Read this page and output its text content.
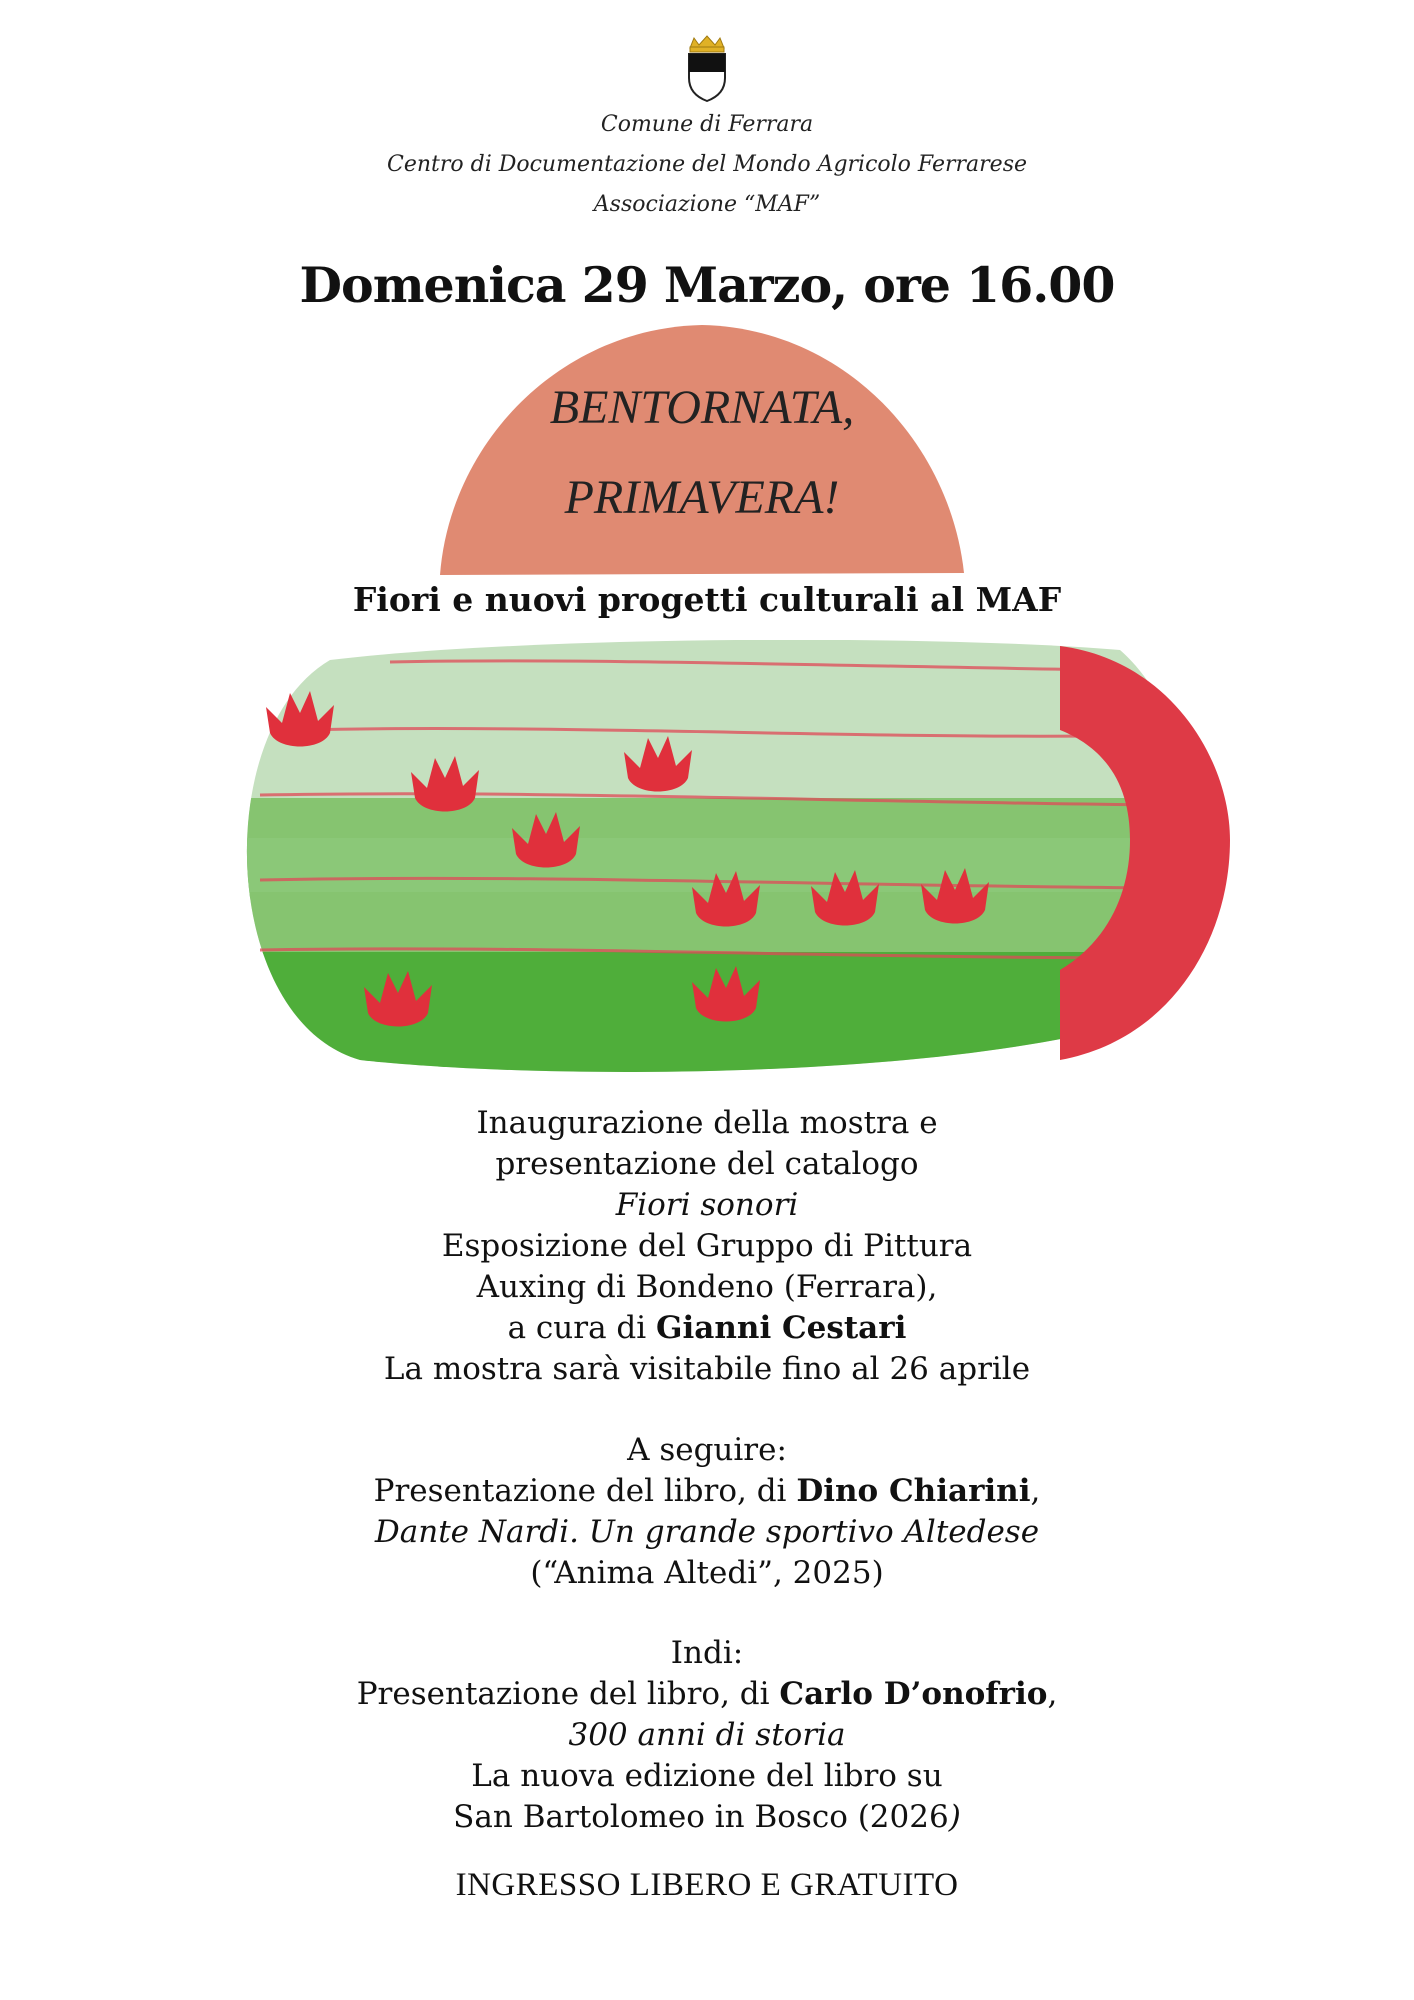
Comune di Ferrara
Centro di Documentazione del Mondo Agricolo Ferrarese
Associazione “MAF”
Domenica 29 Marzo, ore 16.00
BENTORNATA,
PRIMAVERA!
Fiori e nuovi progetti culturali al MAF
Inaugurazione della mostra e
presentazione del catalogo
Fiori sonori
Esposizione del Gruppo di Pittura
Auxing di Bondeno (Ferrara),
a cura di Gianni Cestari
La mostra sarà visitabile fino al 26 aprile
A seguire:
Presentazione del libro, di Dino Chiarini,
Dante Nardi. Un grande sportivo Altedese
(“Anima Altedi”, 2025)
Indi:
Presentazione del libro, di Carlo D’onofrio,
300 anni di storia
La nuova edizione del libro su
San Bartolomeo in Bosco (2026)
INGRESSO LIBERO E GRATUITO
